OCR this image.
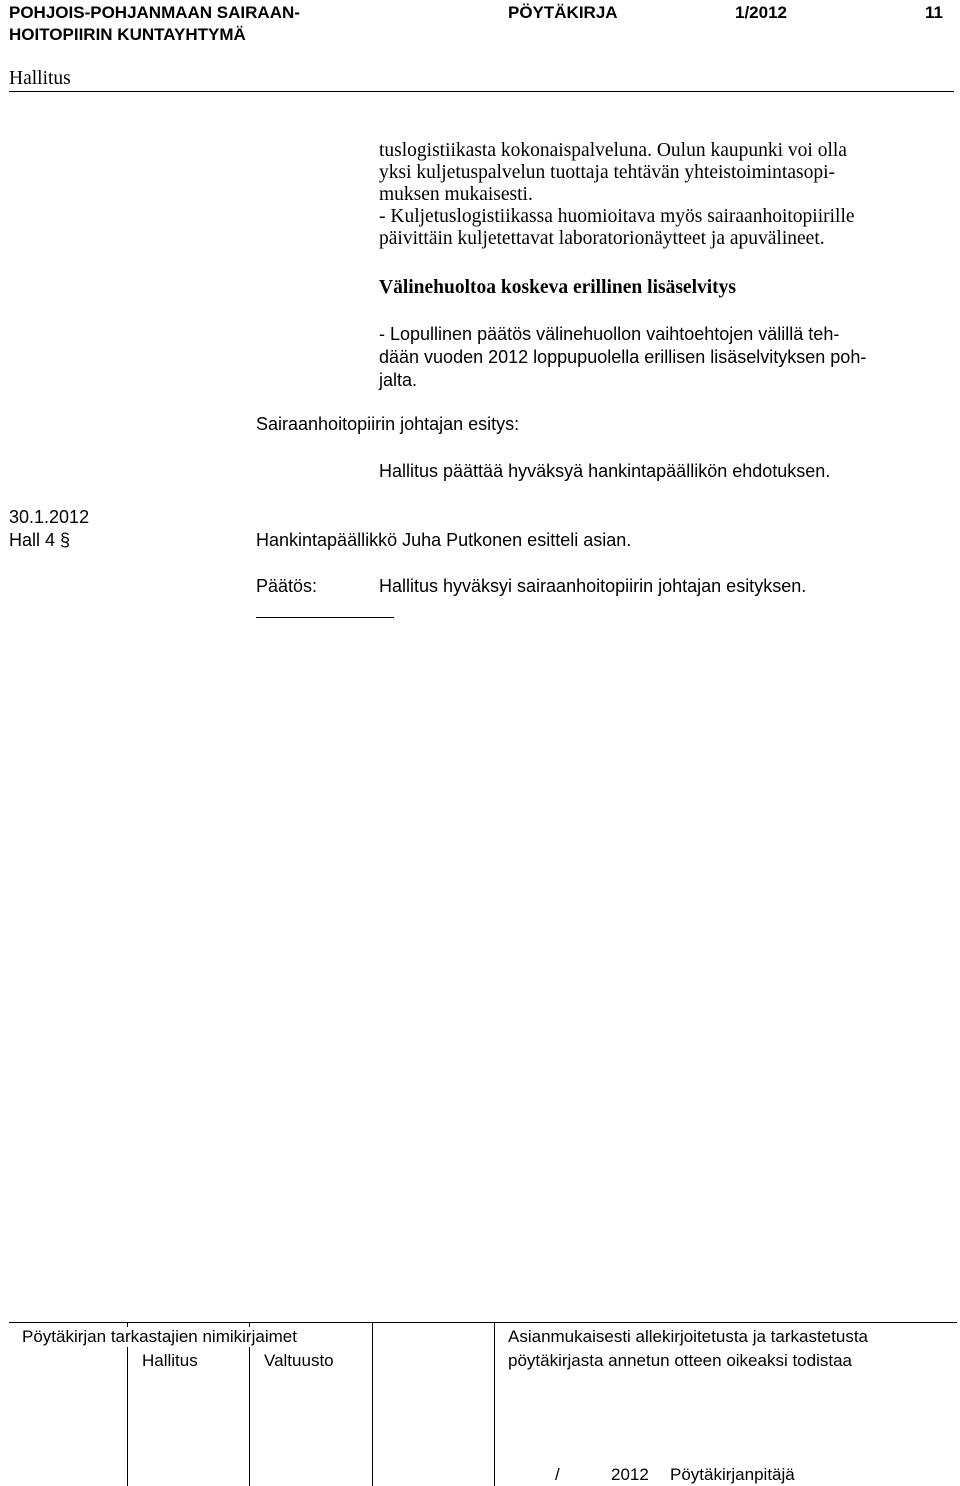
POHJOIS-POHJANMAAN SAIRAAN-
HOITOPIIRIN KUNTAYHTYMÄ
PÖYTÄKIRJA	1/2012	11
Hallitus
tuslogistiikasta kokonaispalveluna. Oulun kaupunki voi olla
yksi kuljetuspalvelun tuottaja tehtävän yhteistoimintasopi-
muksen mukaisesti.
- Kuljetuslogistiikassa huomioitava myös sairaanhoitopiirille
päivittäin kuljetettavat laboratorionäytteet ja apuvälineet.
Välinehuoltoa koskeva erillinen lisäselvitys
- Lopullinen päätös välinehuollon vaihtoehtojen välillä teh-
dään vuoden 2012 loppupuolella erillisen lisäselvityksen poh-
jalta.
Sairaanhoitopiirin johtajan esitys:
Hallitus päättää hyväksyä hankintapäällikön ehdotuksen.
30.1.2012
Hall 4 §	Hankintapäällikkö Juha Putkonen esitteli asian.
Päätös:	Hallitus hyväksyi sairaanhoitopiirin johtajan esityksen.
Pöytäkirjan tarkastajien nimikirjaimet
Hallitus	Valtuusto
Asianmukaisesti allekirjoitetusta ja tarkastetusta
pöytäkirjasta annetun otteen oikeaksi todistaa
/	2012 Pöytäkirjanpitäjä
